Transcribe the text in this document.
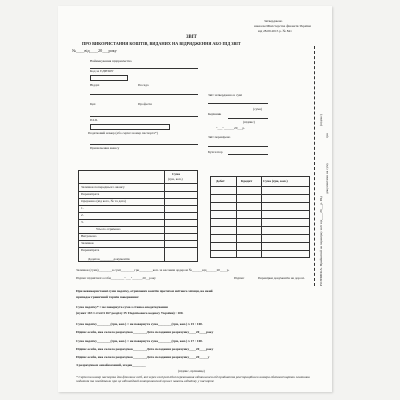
Затверджено
наказом Міністерства фінансів України
від 28.09.2015 р. № 841
ЗВІТ
ПРО ВИКОРИСТАННЯ КОШТІВ, ВИДАНИХ НА ВІДРЯДЖЕННЯ АБО ПІД ЗВІТ
№____від____20___року
Найменування підприємства
Код за ЄДРПОУ
Відділ	Посада
Цех	Професія
П.І.Б.
Податковий номер (або серія і номер паспорта*)
Призначення авансу
Звіт затверджено в сумі
(сума)
Керівник
(підпис)
"___"______20___р.
Звіт перевірено
Бухгалтер
Сума
(грн, коп.)
Залишок попереднього авансу
Перевитрата
Одержано (від кого, № та дата)
1.
2.
3.
Усього отримано
Витрачено
Залишок
Перевитрата
Додаток________документів
Дебет	Кредит	Сума (грн, коп.)
РОЗПИСКА. Прийнятий на перевірку звіт від____20___р. Під
документами на суму
грн
(підпис)
Залишок (сума)________в сумі________грн________коп. за касовим ордером №______від______20____р.
Підпис підзвітної особи________"___"______20__року	Підпис	Перевірки документів на дорозі.
При невикористанні суми податку, отриманих коштів протягом звітного місяця, на який
припадає граничний термін повернення:
Сума податку* = не повернута сума з ставка оподаткування
(пункт 167.1 статті 167 розділу IV Податкового кодексу України) : 100.
Сума податку________(грн, коп.) = не повернута сума________(грн, коп.) x 15 : 100.
Підпис особи, яка склала розрахунок________Дата складання розрахунку____20____року
Сума податку________(грн, коп.) = не повернута сума________(грн, коп.) x 17 : 100.
Підпис особи, яка склала розрахунок________Дата складання розрахунку____20____року
Підпис особи, яка склала розрахунок________Дата складання розрахунку____20_____у
З розрахунком ознайомлений, згоден________
(підпис, прізвище)
* Серія та номер паспорта для фізичних осіб, які через свої релігійні переконання відмовилися від прийняття реєстраційного номера облікової картки платника податків та повідомили про це відповідний контролюючий орган і мають відмітку у паспорті.
